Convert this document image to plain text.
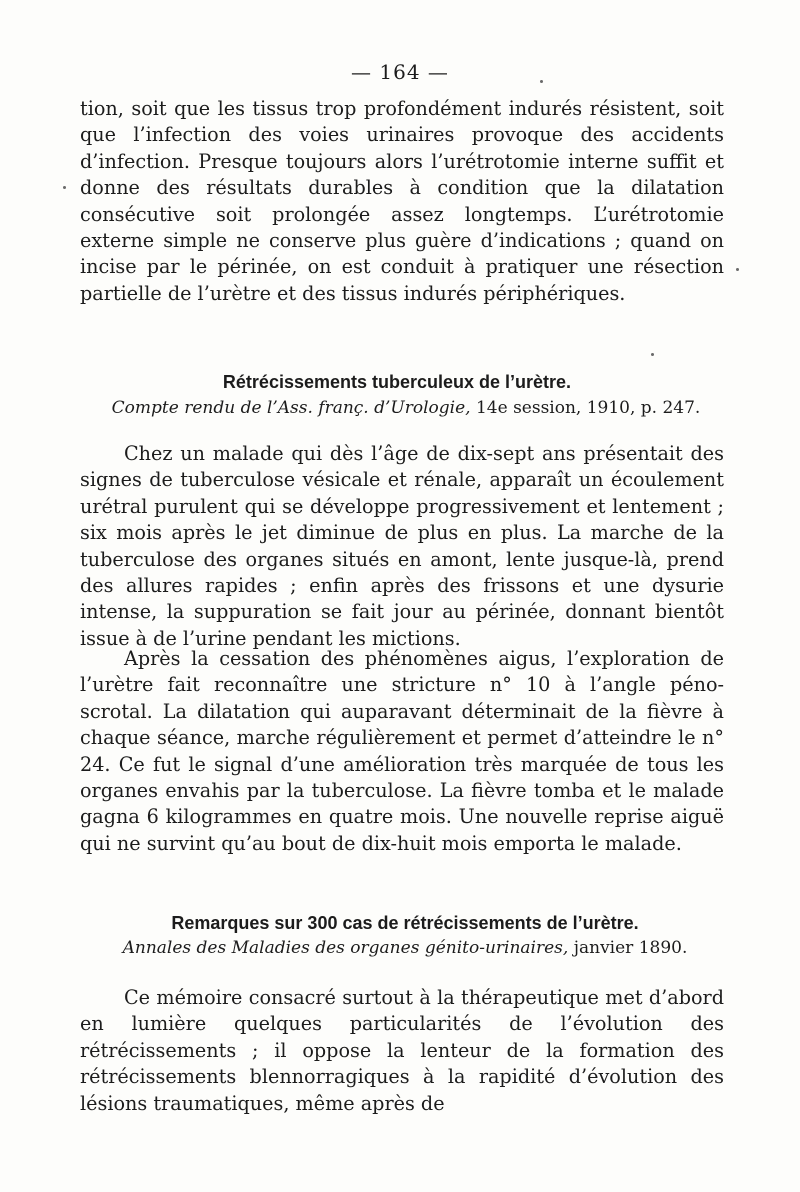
— 164 —

tion, soit que les tissus trop profondément indurés résistent, soit que l’infection des voies urinaires provoque des accidents d’infection. Presque toujours alors l’urétrotomie interne suffit et donne des résultats durables à condition que la dilatation consécutive soit prolongée assez longtemps. L’urétrotomie externe simple ne conserve plus guère d’indications ; quand on incise par le périnée, on est conduit à pratiquer une résection partielle de l’urètre et des tissus indurés périphériques.

Rétrécissements tuberculeux de l’urètre.
Compte rendu de l’Ass. franç. d’Urologie, 14e session, 1910, p. 247.

Chez un malade qui dès l’âge de dix-sept ans présentait des signes de tuberculose vésicale et rénale, apparaît un écoulement urétral purulent qui se développe progressivement et lentement ; six mois après le jet diminue de plus en plus. La marche de la tuberculose des organes situés en amont, lente jusque-là, prend des allures rapides ; enfin après des frissons et une dysurie intense, la suppuration se fait jour au périnée, donnant bientôt issue à de l’urine pendant les mictions.

Après la cessation des phénomènes aigus, l’exploration de l’urètre fait reconnaître une stricture n° 10 à l’angle péno-scrotal. La dilatation qui auparavant déterminait de la fièvre à chaque séance, marche régulièrement et permet d’atteindre le n° 24. Ce fut le signal d’une amélioration très marquée de tous les organes envahis par la tuberculose. La fièvre tomba et le malade gagna 6 kilogrammes en quatre mois. Une nouvelle reprise aiguë qui ne survint qu’au bout de dix-huit mois emporta le malade.

Remarques sur 300 cas de rétrécissements de l’urètre.
Annales des Maladies des organes génito-urinaires, janvier 1890.

Ce mémoire consacré surtout à la thérapeutique met d’abord en lumière quelques particularités de l’évolution des rétrécissements ; il oppose la lenteur de la formation des rétrécissements blennorragiques à la rapidité d’évolution des lésions traumatiques, même après de
